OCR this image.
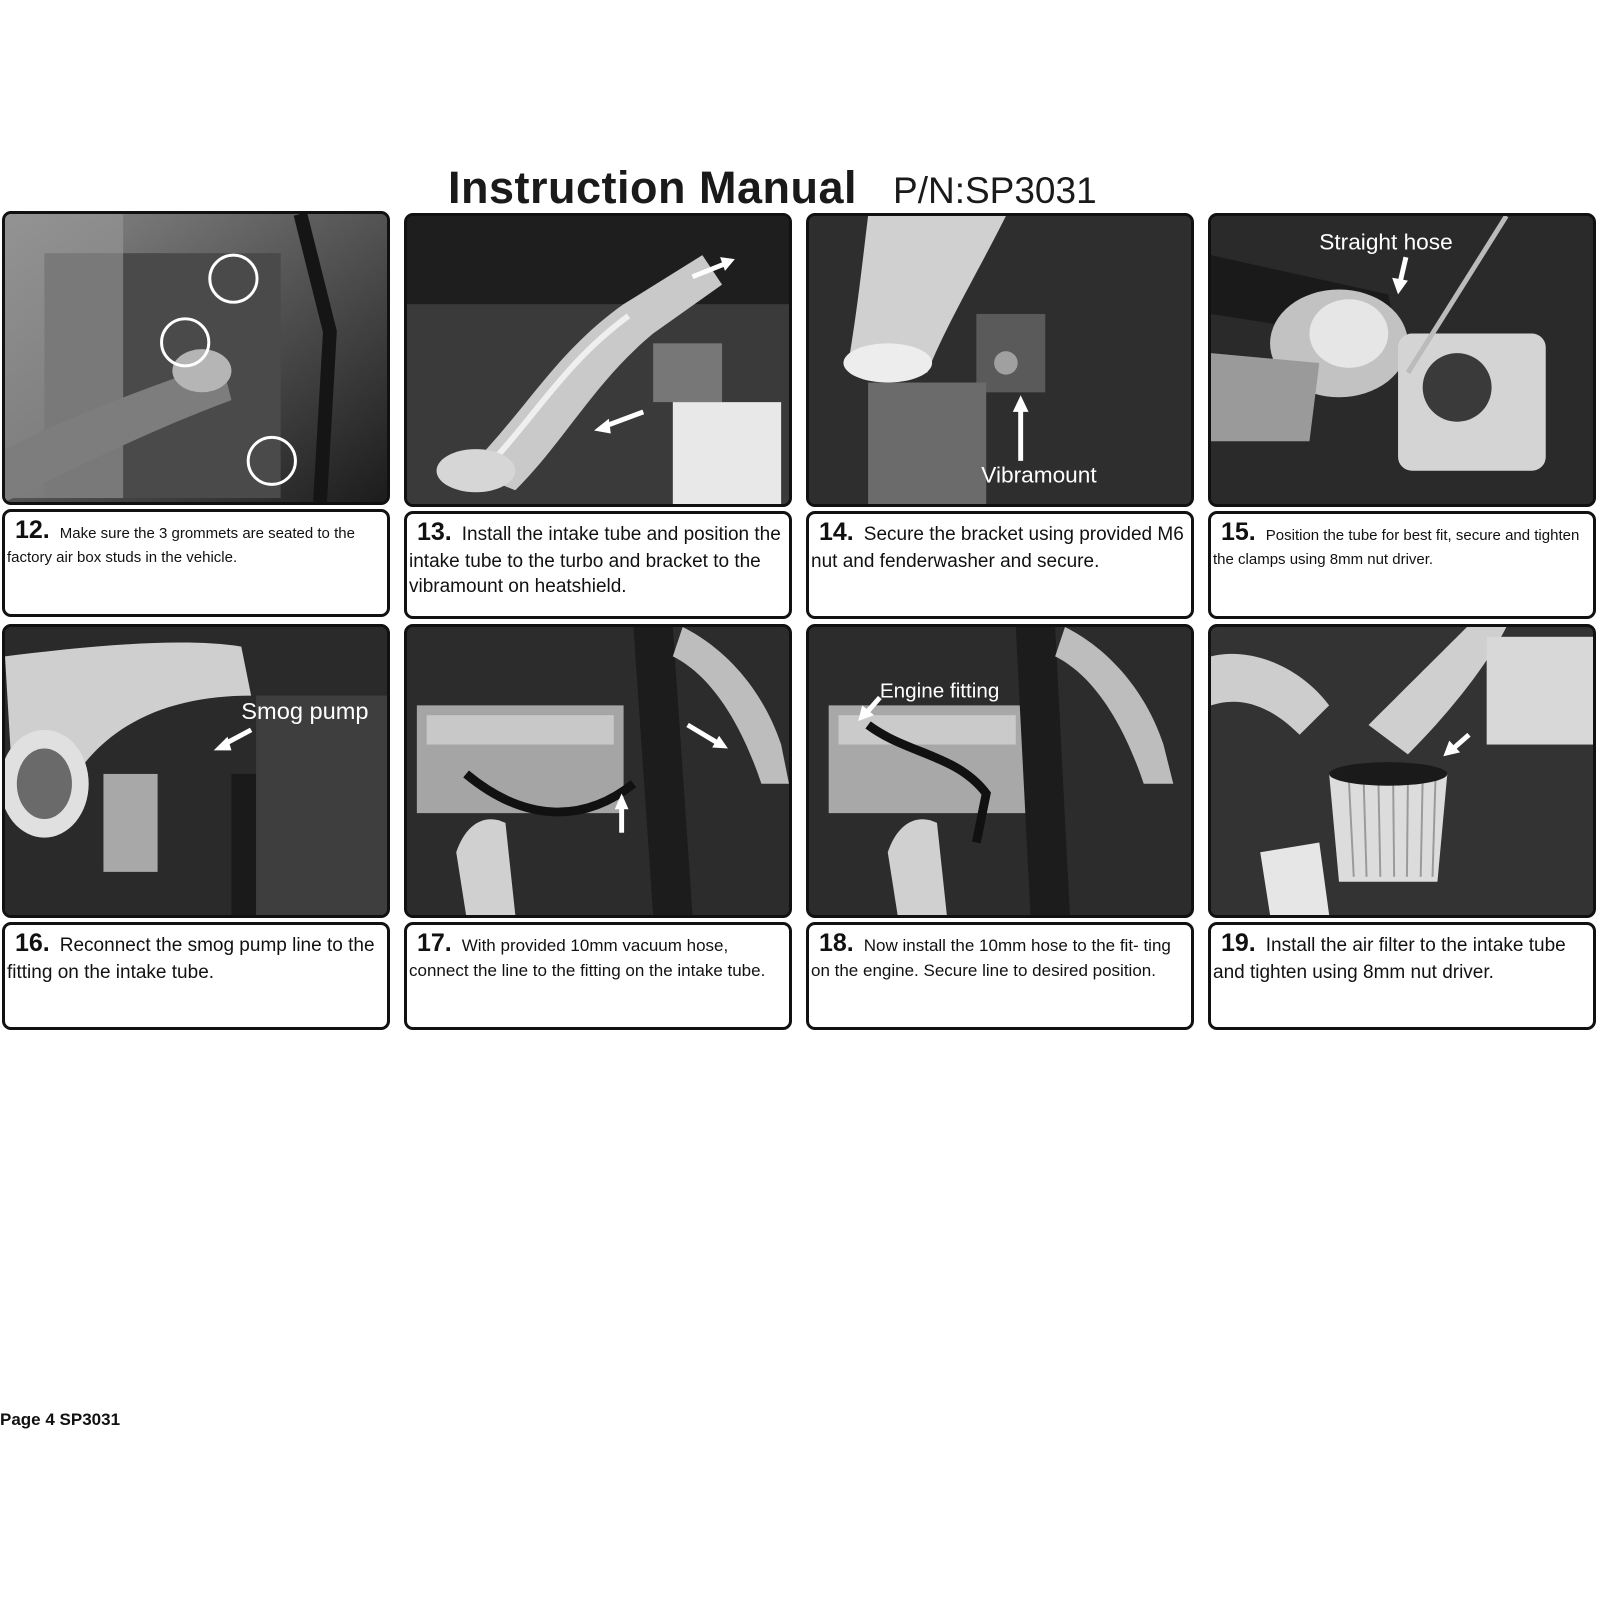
Instruction Manual P/N:SP3031
12. Make sure the 3 grommets are seated to the factory air box studs in the vehicle.
13. Install the intake tube and position the intake tube to the turbo and bracket to the vibramount on heatshield.
Vibramount
14. Secure the bracket using provided M6 nut and fenderwasher and secure.
Straight hose
15. Position the tube for best fit, secure and tighten the clamps using 8mm nut driver.
Smog pump
16. Reconnect the smog pump line to the fitting on the intake tube.
17. With provided 10mm vacuum hose, connect the line to the fitting on the intake tube.
Engine fitting
18. Now install the 10mm hose to the fit- ting on the engine. Secure line to desired position.
19. Install the air filter to the intake tube and tighten using 8mm nut driver.
Page 4 SP3031
